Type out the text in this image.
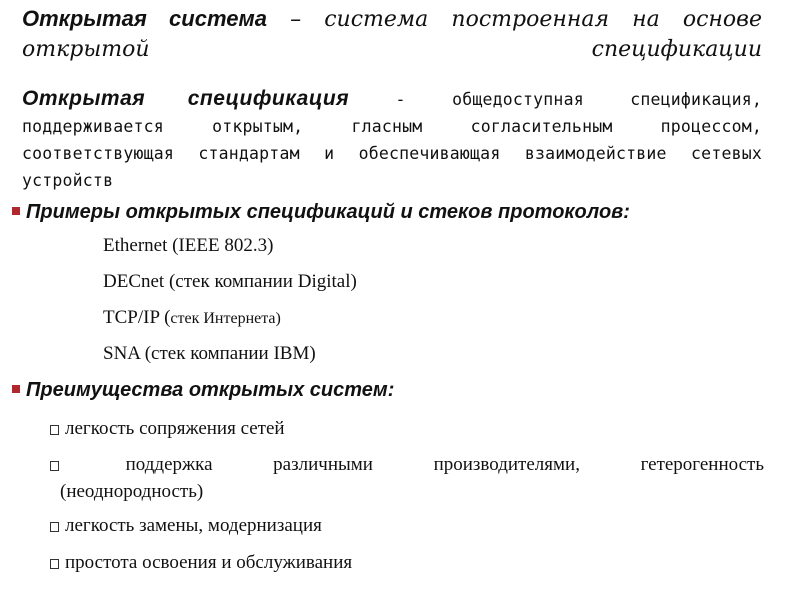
Открытая система – система построенная на основе
открытой спецификации

Открытая спецификация	- общедоступная спецификация, поддерживается открытым, гласным согласительным процессом, соответствующая стандартам и обеспечивающая взаимодействие сетевых
устройств

Примеры открытых спецификаций и стеков протоколов:

Ethernet (IEEE 802.3)
DECnet (стек компании Digital)
TCP/IP (стек Интернета)
SNA (стек компании IBM)

Преимущества открытых систем:

легкость сопряжения сетей

поддержка различными производителями, гетерогенность
(неоднородность)

легкость замены, модернизация

простота освоения и обслуживания
